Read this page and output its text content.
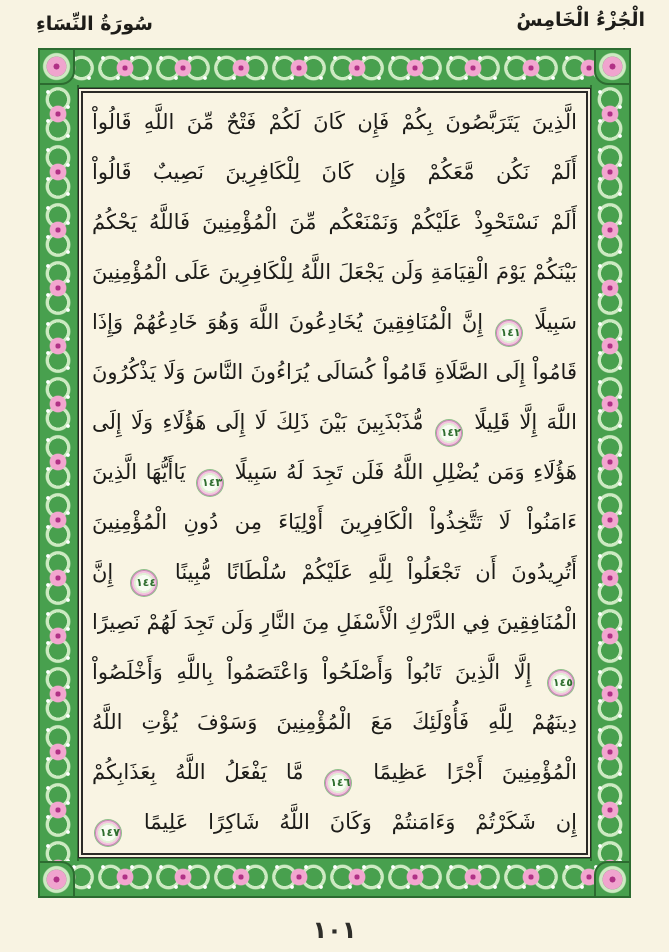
الْجُزْءُ الْخَامِسُ
سُورَةُ النِّسَاءِ
الَّذِينَ يَتَرَبَّصُونَ بِكُمْ فَإِن كَانَ لَكُمْ فَتْحٌ مِّنَ اللَّهِ قَالُواْ
أَلَمْ نَكُن مَّعَكُمْ وَإِن كَانَ لِلْكَافِرِينَ نَصِيبٌ قَالُواْ
أَلَمْ نَسْتَحْوِذْ عَلَيْكُمْ وَنَمْنَعْكُم مِّنَ الْمُؤْمِنِينَ فَاللَّهُ يَحْكُمُ
بَيْنَكُمْ يَوْمَ الْقِيَامَةِ وَلَن يَجْعَلَ اللَّهُ لِلْكَافِرِينَ عَلَى الْمُؤْمِنِينَ
سَبِيلًا ١٤١ إِنَّ الْمُنَافِقِينَ يُخَادِعُونَ اللَّهَ وَهُوَ خَادِعُهُمْ وَإِذَا
قَامُواْ إِلَى الصَّلَاةِ قَامُواْ كُسَالَى يُرَاءُونَ النَّاسَ وَلَا يَذْكُرُونَ
اللَّهَ إِلَّا قَلِيلًا ١٤٢ مُّذَبْذَبِينَ بَيْنَ ذَلِكَ لَا إِلَى هَؤُلَاءِ وَلَا إِلَى
هَؤُلَاءِ وَمَن يُضْلِلِ اللَّهُ فَلَن تَجِدَ لَهُ سَبِيلًا ١٤٣ يَاأَيُّهَا الَّذِينَ
ءَامَنُواْ لَا تَتَّخِذُواْ الْكَافِرِينَ أَوْلِيَاءَ مِن دُونِ الْمُؤْمِنِينَ
أَتُرِيدُونَ أَن تَجْعَلُواْ لِلَّهِ عَلَيْكُمْ سُلْطَانًا مُّبِينًا ١٤٤ إِنَّ
الْمُنَافِقِينَ فِي الدَّرْكِ الْأَسْفَلِ مِنَ النَّارِ وَلَن تَجِدَ لَهُمْ نَصِيرًا
١٤٥ إِلَّا الَّذِينَ تَابُواْ وَأَصْلَحُواْ وَاعْتَصَمُواْ بِاللَّهِ وَأَخْلَصُواْ
دِينَهُمْ لِلَّهِ فَأُوْلَئِكَ مَعَ الْمُؤْمِنِينَ وَسَوْفَ يُؤْتِ اللَّهُ
الْمُؤْمِنِينَ أَجْرًا عَظِيمًا ١٤٦ مَّا يَفْعَلُ اللَّهُ بِعَذَابِكُمْ
إِن شَكَرْتُمْ وَءَامَنتُمْ وَكَانَ اللَّهُ شَاكِرًا عَلِيمًا ١٤٧
١٠١
